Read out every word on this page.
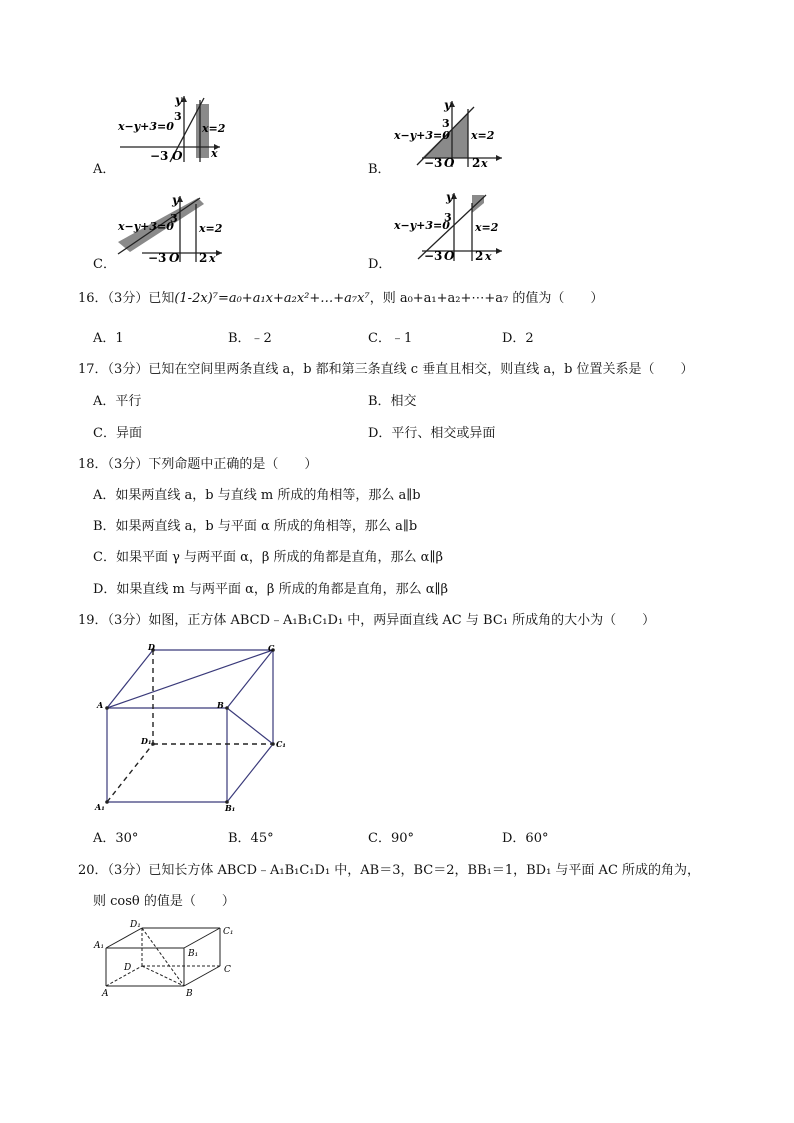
A．
y
x−y+3=0
3
x=2
−3 O	x
B．
y
x−y+3=0
3
x=2
−3 O 2 x
C．
y
x−y+3=0
3
x=2
−3 O 2 x	D．
y
x−y+3=0
3
x=2
−3 O 2 x
16．（3分）已知(1-2x)⁷=a₀+a₁x+a₂x²+…+a₇x⁷，则 a₀+a₁+a₂+⋯+a₇ 的值为（　　）
A．1	B．﹣2	C．﹣1	D．2
17．（3分）已知在空间里两条直线 a，b 都和第三条直线 c 垂直且相交，则直线 a，b 位置关系是（　　）
A．平行	B．相交
C．异面	D．平行、相交或异面
18．（3分）下列命题中正确的是（　　）
A．如果两直线 a，b 与直线 m 所成的角相等，那么 a∥b
B．如果两直线 a，b 与平面 α 所成的角相等，那么 a∥b
C．如果平面 γ 与两平面 α，β 所成的角都是直角，那么 α∥β
D．如果直线 m 与两平面 α，β 所成的角都是直角，那么 α∥β
19．（3分）如图，正方体 ABCD﹣A₁B₁C₁D₁ 中，两异面直线 AC 与 BC₁ 所成角的大小为（　　）
D	C
A	B
D₁	C₁
A₁	B₁
A．30°	B．45°	C．90°	D．60°
20．（3分）已知长方体 ABCD﹣A₁B₁C₁D₁ 中，AB＝3，BC＝2，BB₁＝1，BD₁ 与平面 AC 所成的角为，
则 cosθ 的值是（　　）
D₁
C₁
A₁
B₁
D	C
A	B
